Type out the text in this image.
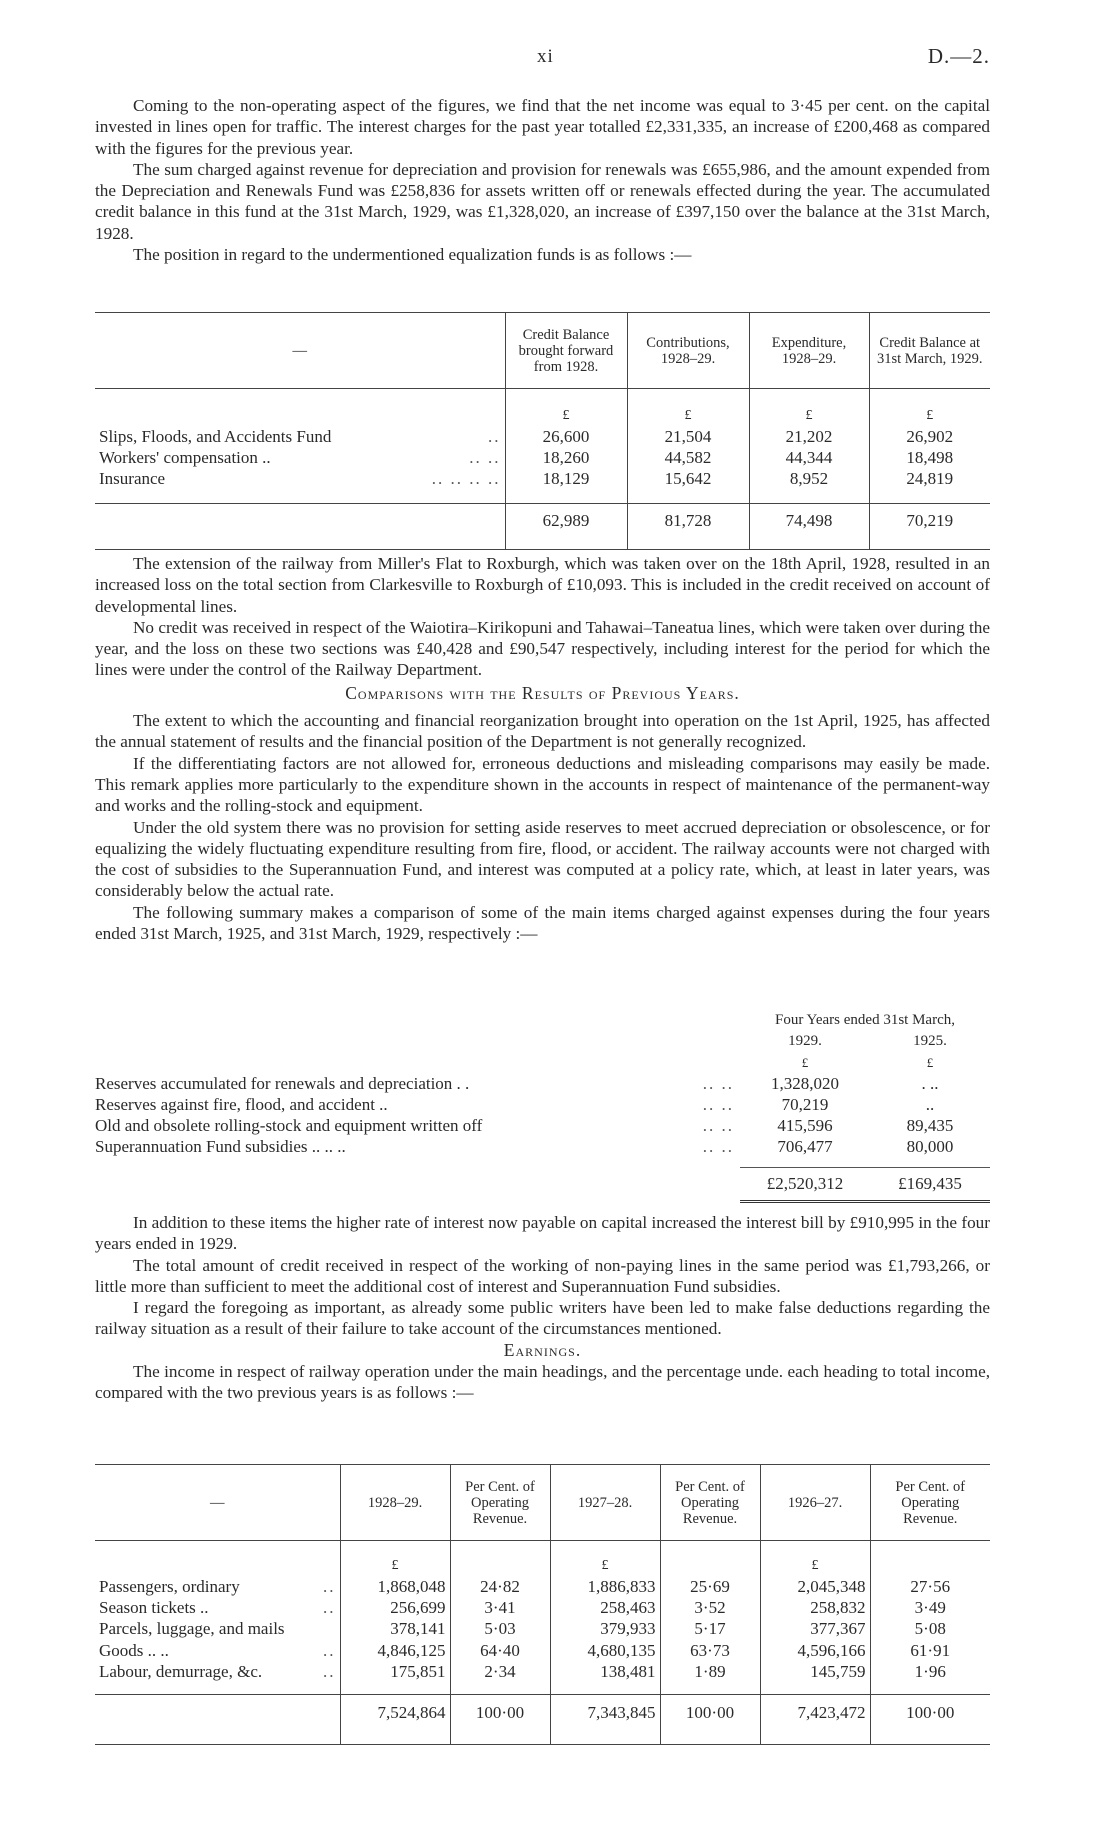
xi	D.—2.

Coming to the non-operating aspect of the figures, we find that the net income was equal to 3·45 per cent. on the capital invested in lines open for traffic. The interest charges for the past year totalled £2,331,335, an increase of £200,468 as compared with the figures for the previous year.

The sum charged against revenue for depreciation and provision for renewals was £655,986, and the amount expended from the Depreciation and Renewals Fund was £258,836 for assets written off or renewals effected during the year. The accumulated credit balance in this fund at the 31st March, 1929, was £1,328,020, an increase of £397,150 over the balance at the 31st March, 1928.

The position in regard to the undermentioned equalization funds is as follows :—

—	Credit Balance brought forward from 1928.	Contributions, 1928–29.	Expenditure, 1928–29.	Credit Balance at 31st March, 1929.

	£	£	£	£
Slips, Floods, and Accidents Fund ..	26,600	21,504	21,202	26,902
Workers' compensation .. .. ..	18,260	44,582	44,344	18,498
Insurance .. .. .. ..	18,129	15,642	8,952	24,819

	62,989	81,728	74,498	70,219

The extension of the railway from Miller's Flat to Roxburgh, which was taken over on the 18th April, 1928, resulted in an increased loss on the total section from Clarkesville to Roxburgh of £10,093. This is included in the credit received on account of developmental lines.

No credit was received in respect of the Waiotira–Kirikopuni and Tahawai–Taneatua lines, which were taken over during the year, and the loss on these two sections was £40,428 and £90,547 respectively, including interest for the period for which the lines were under the control of the Railway Department.

Comparisons with the Results of Previous Years.

The extent to which the accounting and financial reorganization brought into operation on the 1st April, 1925, has affected the annual statement of results and the financial position of the Department is not generally recognized.

If the differentiating factors are not allowed for, erroneous deductions and misleading comparisons may easily be made. This remark applies more particularly to the expenditure shown in the accounts in respect of maintenance of the permanent-way and works and the rolling-stock and equipment.

Under the old system there was no provision for setting aside reserves to meet accrued depreciation or obsolescence, or for equalizing the widely fluctuating expenditure resulting from fire, flood, or accident. The railway accounts were not charged with the cost of subsidies to the Superannuation Fund, and interest was computed at a policy rate, which, at least in later years, was considerably below the actual rate.

The following summary makes a comparison of some of the main items charged against expenses during the four years ended 31st March, 1925, and 31st March, 1929, respectively :—

	Four Years ended 31st March,	
	1929.	1925.
	£	£
Reserves accumulated for renewals and depreciation . . .. ..	1,328,020	. ..
Reserves against fire, flood, and accident .. .. ..	70,219	..
Old and obsolete rolling-stock and equipment written off .. ..	415,596	89,435
Superannuation Fund subsidies .. .. .. .. ..	706,477	80,000

	£2,520,312	£169,435

In addition to these items the higher rate of interest now payable on capital increased the interest bill by £910,995 in the four years ended in 1929.

The total amount of credit received in respect of the working of non-paying lines in the same period was £1,793,266, or little more than sufficient to meet the additional cost of interest and Superannuation Fund subsidies.

I regard the foregoing as important, as already some public writers have been led to make false deductions regarding the railway situation as a result of their failure to take account of the circumstances mentioned.

Earnings.

The income in respect of railway operation under the main headings, and the percentage unde. each heading to total income, compared with the two previous years is as follows :—

—	1928–29.	Per Cent. of Operating Revenue.	1927–28.	Per Cent. of Operating Revenue.	1926–27.	Per Cent. of Operating Revenue.

	£		£		£	
Passengers, ordinary ..	1,868,048	24·82	1,886,833	25·69	2,045,348	27·56
Season tickets .. ..	256,699	3·41	258,463	3·52	258,832	3·49
Parcels, luggage, and mails	378,141	5·03	379,933	5·17	377,367	5·08
Goods .. .. ..	4,846,125	64·40	4,680,135	63·73	4,596,166	61·91
Labour, demurrage, &c. ..	175,851	2·34	138,481	1·89	145,759	1·96

	7,524,864	100·00	7,343,845	100·00	7,423,472	100·00
